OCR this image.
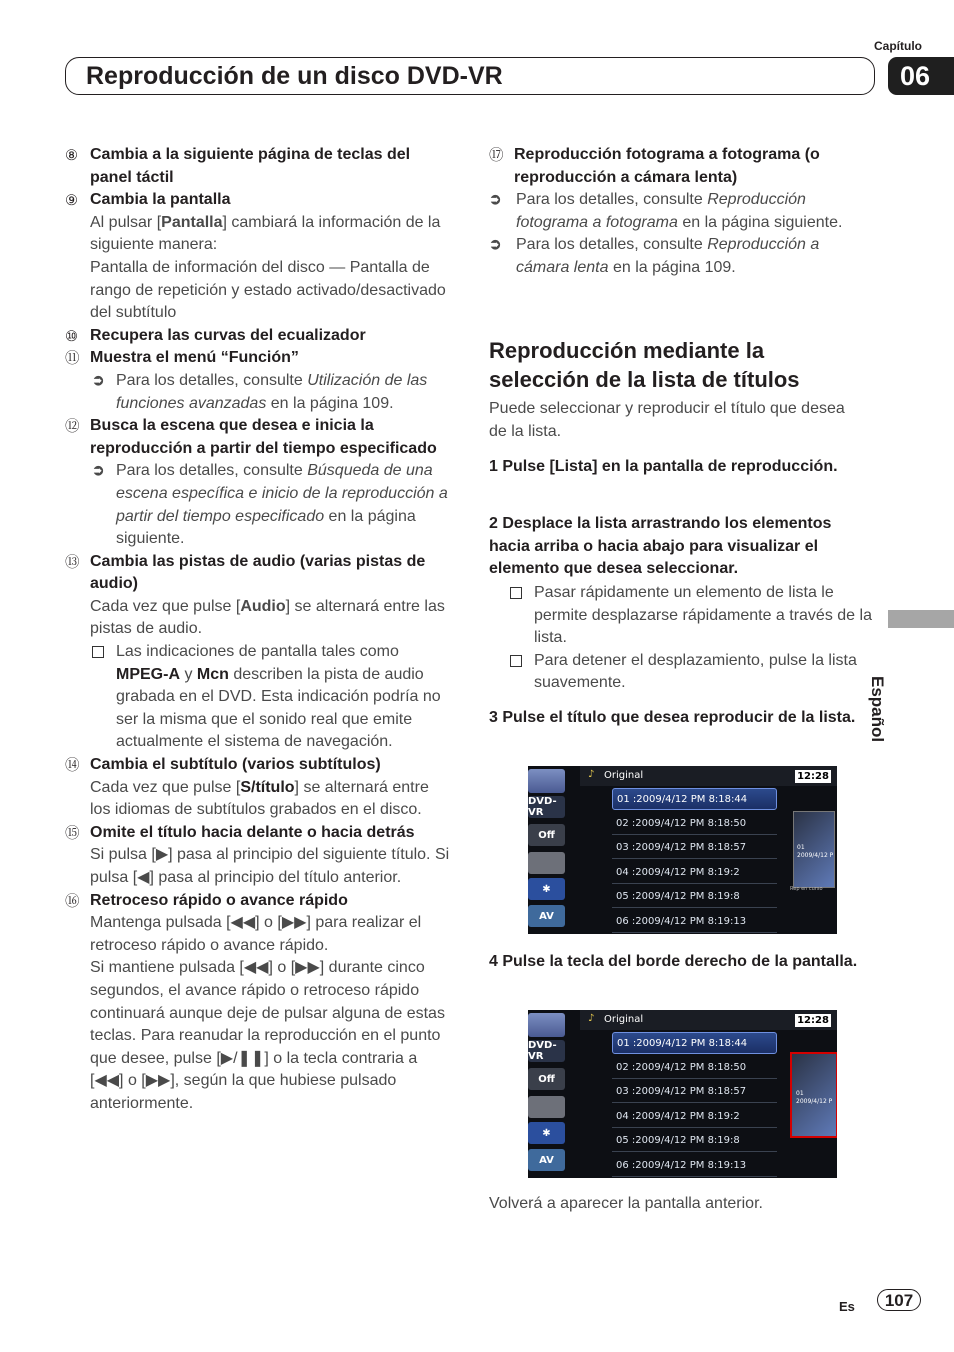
Capítulo
06
Reproducción de un disco DVD-VR
⑧ Cambia a la siguiente página de teclas del panel táctil

⑨ Cambia la pantalla

Al pulsar [Pantalla] cambiará la información de la siguiente manera:

Pantalla de información del disco — Pantalla de rango de repetición y estado activado/desactivado del subtítulo

⑩ Recupera las curvas del ecualizador

⑪ Muestra el menú “Función”

➲ Para los detalles, consulte Utilización de las funciones avanzadas en la página 109.
⑫ Busca la escena que desea e inicia la reproducción a partir del tiempo especificado

➲ Para los detalles, consulte Búsqueda de una escena específica e inicio de la reproducción a partir del tiempo especificado en la página siguiente.
⑬ Cambia las pistas de audio (varias pistas de audio)

Cada vez que pulse [Audio] se alternará entre las pistas de audio.

Las indicaciones de pantalla tales como MPEG-A y Mcn describen la pista de audio grabada en el DVD. Esta indicación podría no ser la misma que el sonido real que emite actualmente el sistema de navegación.
⑭ Cambia el subtítulo (varios subtítulos)

Cada vez que pulse [S/título] se alternará entre los idiomas de subtítulos grabados en el disco.

⑮ Omite el título hacia delante o hacia detrás

Si pulsa [▶] pasa al principio del siguiente título. Si pulsa [◀] pasa al principio del título anterior.

⑯ Retroceso rápido o avance rápido

Mantenga pulsada [◀◀] o [▶▶] para realizar el retroceso rápido o avance rápido.

Si mantiene pulsada [◀◀] o [▶▶] durante cinco segundos, el avance rápido o retroceso rápido continuará aunque deje de pulsar alguna de estas teclas. Para reanudar la reproducción en el punto que desee, pulse [▶/❚❚] o la tecla contraria a [◀◀] o [▶▶], según la que hubiese pulsado anteriormente.

⑰ Reproducción fotograma a fotograma (o reproducción a cámara lenta)

➲ Para los detalles, consulte Reproducción fotograma a fotograma en la página siguiente.
➲ Para los detalles, consulte Reproducción a cámara lenta en la página 109.
Reproducción mediante la selección de la lista de títulos

Puede seleccionar y reproducir el título que desea de la lista.

1 Pulse [Lista] en la pantalla de reproducción.

2 Desplace la lista arrastrando los elementos hacia arriba o hacia abajo para visualizar el elemento que desea seleccionar.

Pasar rápidamente un elemento de lista le permite desplazarse rápidamente a través de la lista.
Para detener el desplazamiento, pulse la lista suavemente.

3 Pulse el título que desea reproducir de la lista.

DVD-VR
Off
✱
AV
♪ Original	12:28
01 :2009/4/12 PM 8:18:44
02 :2009/4/12 PM 8:18:50
03 :2009/4/12 PM 8:18:57
04 :2009/4/12 PM 8:19:2
05 :2009/4/12 PM 8:19:8
06 :2009/4/12 PM 8:19:13
01
2009/4/12 P
Rep en curso

4 Pulse la tecla del borde derecho de la pantalla.

DVD-VR
Off
✱
AV
♪ Original	12:28
01 :2009/4/12 PM 8:18:44
02 :2009/4/12 PM 8:18:50
03 :2009/4/12 PM 8:18:57
04 :2009/4/12 PM 8:19:2
05 :2009/4/12 PM 8:19:8
06 :2009/4/12 PM 8:19:13
01
2009/4/12 P

Volverá a aparecer la pantalla anterior.

Español
Es	107
